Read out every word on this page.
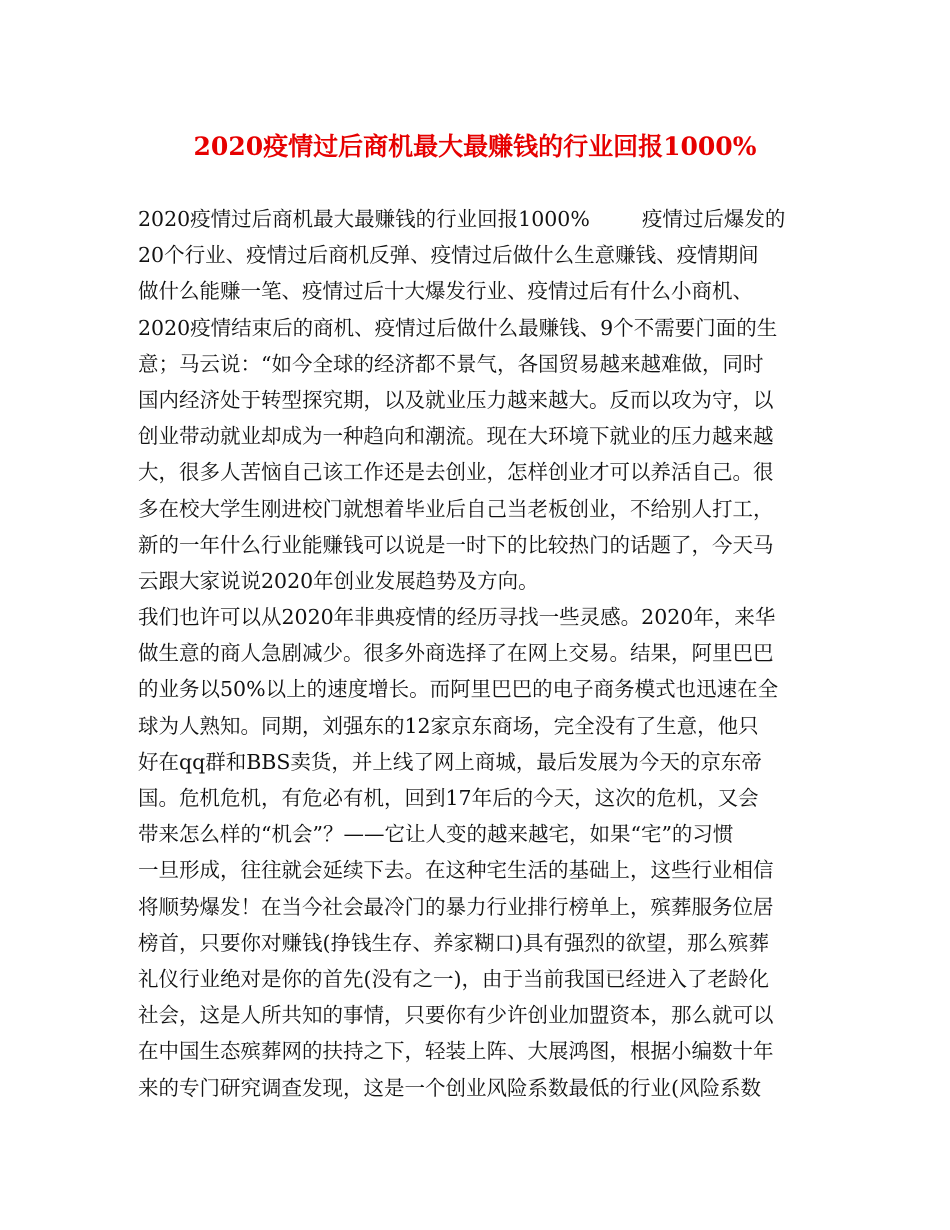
2020疫情过后商机最大最赚钱的行业回报1000%
2020疫情过后商机最大最赚钱的行业回报1000%	疫情过后爆发的
20个行业、疫情过后商机反弹、疫情过后做什么生意赚钱、疫情期间
做什么能赚一笔、疫情过后十大爆发行业、疫情过后有什么小商机、
2020疫情结束后的商机、疫情过后做什么最赚钱、9个不需要门面的生
意；马云说：“如今全球的经济都不景气，各国贸易越来越难做，同时
国内经济处于转型探究期，以及就业压力越来越大。反而以攻为守，以
创业带动就业却成为一种趋向和潮流。现在大环境下就业的压力越来越
大，很多人苦恼自己该工作还是去创业，怎样创业才可以养活自己。很
多在校大学生刚进校门就想着毕业后自己当老板创业，不给别人打工，
新的一年什么行业能赚钱可以说是一时下的比较热门的话题了，今天马
云跟大家说说2020年创业发展趋势及方向。
我们也许可以从2020年非典疫情的经历寻找一些灵感。2020年，来华
做生意的商人急剧减少。很多外商选择了在网上交易。结果，阿里巴巴
的业务以50%以上的速度增长。而阿里巴巴的电子商务模式也迅速在全
球为人熟知。同期，刘强东的12家京东商场，完全没有了生意，他只
好在qq群和BBS卖货，并上线了网上商城，最后发展为今天的京东帝
国。危机危机，有危必有机，回到17年后的今天，这次的危机，又会
带来怎么样的“机会”？——它让人变的越来越宅，如果“宅”的习惯
一旦形成，往往就会延续下去。在这种宅生活的基础上，这些行业相信
将顺势爆发！在当今社会最冷门的暴力行业排行榜单上，殡葬服务位居
榜首，只要你对赚钱(挣钱生存、养家糊口)具有强烈的欲望，那么殡葬
礼仪行业绝对是你的首先(没有之一)，由于当前我国已经进入了老龄化
社会，这是人所共知的事情，只要你有少许创业加盟资本，那么就可以
在中国生态殡葬网的扶持之下，轻装上阵、大展鸿图，根据小编数十年
来的专门研究调查发现，这是一个创业风险系数最低的行业(风险系数
